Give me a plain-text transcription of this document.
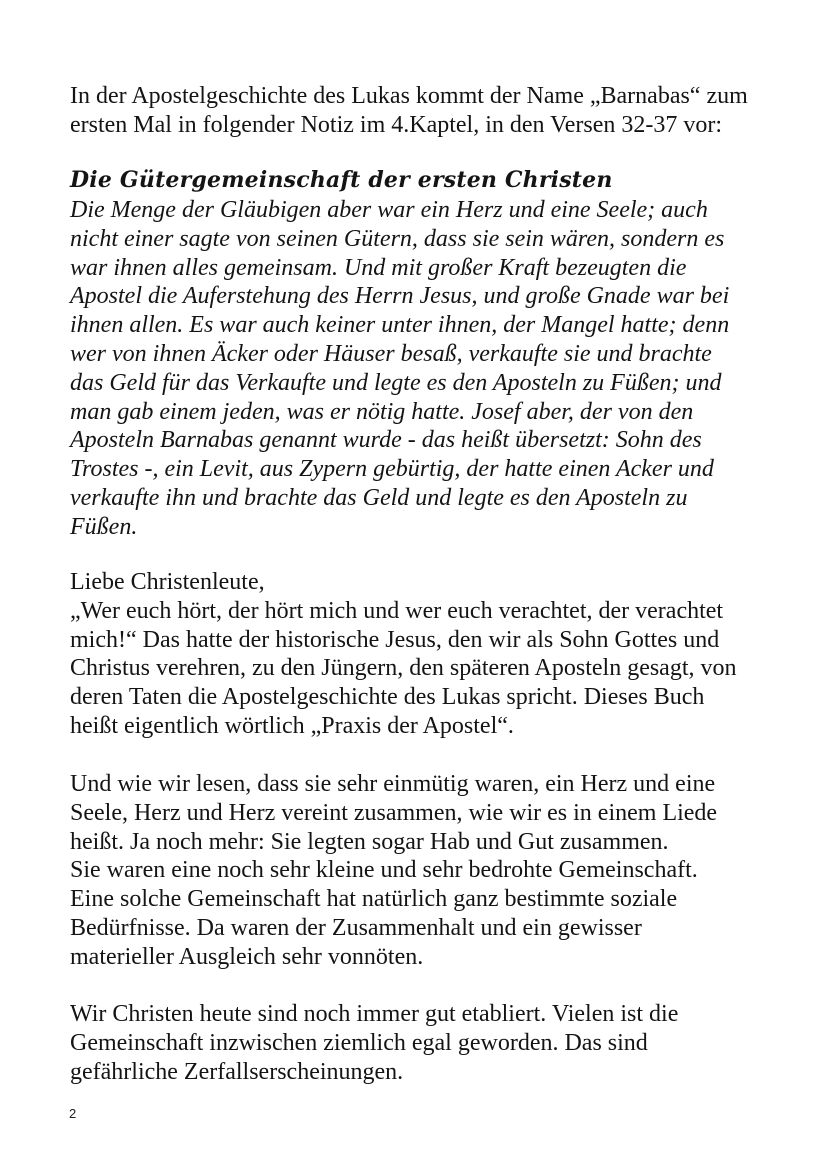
In der Apostelgeschichte des Lukas kommt der Name „Barnabas“ zum
ersten Mal in folgender Notiz im 4.Kaptel, in den Versen 32-37 vor:

Die Gütergemeinschaft der ersten Christen

Die Menge der Gläubigen aber war ein Herz und eine Seele; auch
nicht einer sagte von seinen Gütern, dass sie sein wären, sondern es
war ihnen alles gemeinsam. Und mit großer Kraft bezeugten die
Apostel die Auferstehung des Herrn Jesus, und große Gnade war bei
ihnen allen. Es war auch keiner unter ihnen, der Mangel hatte; denn
wer von ihnen Äcker oder Häuser besaß, verkaufte sie und brachte
das Geld für das Verkaufte und legte es den Aposteln zu Füßen; und
man gab einem jeden, was er nötig hatte. Josef aber, der von den
Aposteln Barnabas genannt wurde - das heißt übersetzt: Sohn des
Trostes -, ein Levit, aus Zypern gebürtig, der hatte einen Acker und
verkaufte ihn und brachte das Geld und legte es den Aposteln zu
Füßen.

Liebe Christenleute,
„Wer euch hört, der hört mich und wer euch verachtet, der verachtet
mich!“ Das hatte der historische Jesus, den wir als Sohn Gottes und
Christus verehren, zu den Jüngern, den späteren Aposteln gesagt, von
deren Taten die Apostelgeschichte des Lukas spricht. Dieses Buch
heißt eigentlich wörtlich „Praxis der Apostel“.

Und wie wir lesen, dass sie sehr einmütig waren, ein Herz und eine
Seele, Herz und Herz vereint zusammen, wie wir es in einem Liede
heißt. Ja noch mehr: Sie legten sogar Hab und Gut zusammen.
Sie waren eine noch sehr kleine und sehr bedrohte Gemeinschaft.
Eine solche Gemeinschaft hat natürlich ganz bestimmte soziale
Bedürfnisse. Da waren der Zusammenhalt und ein gewisser
materieller Ausgleich sehr vonnöten.

Wir Christen heute sind noch immer gut etabliert. Vielen ist die
Gemeinschaft inzwischen ziemlich egal geworden. Das sind
gefährliche Zerfallserscheinungen.

2
